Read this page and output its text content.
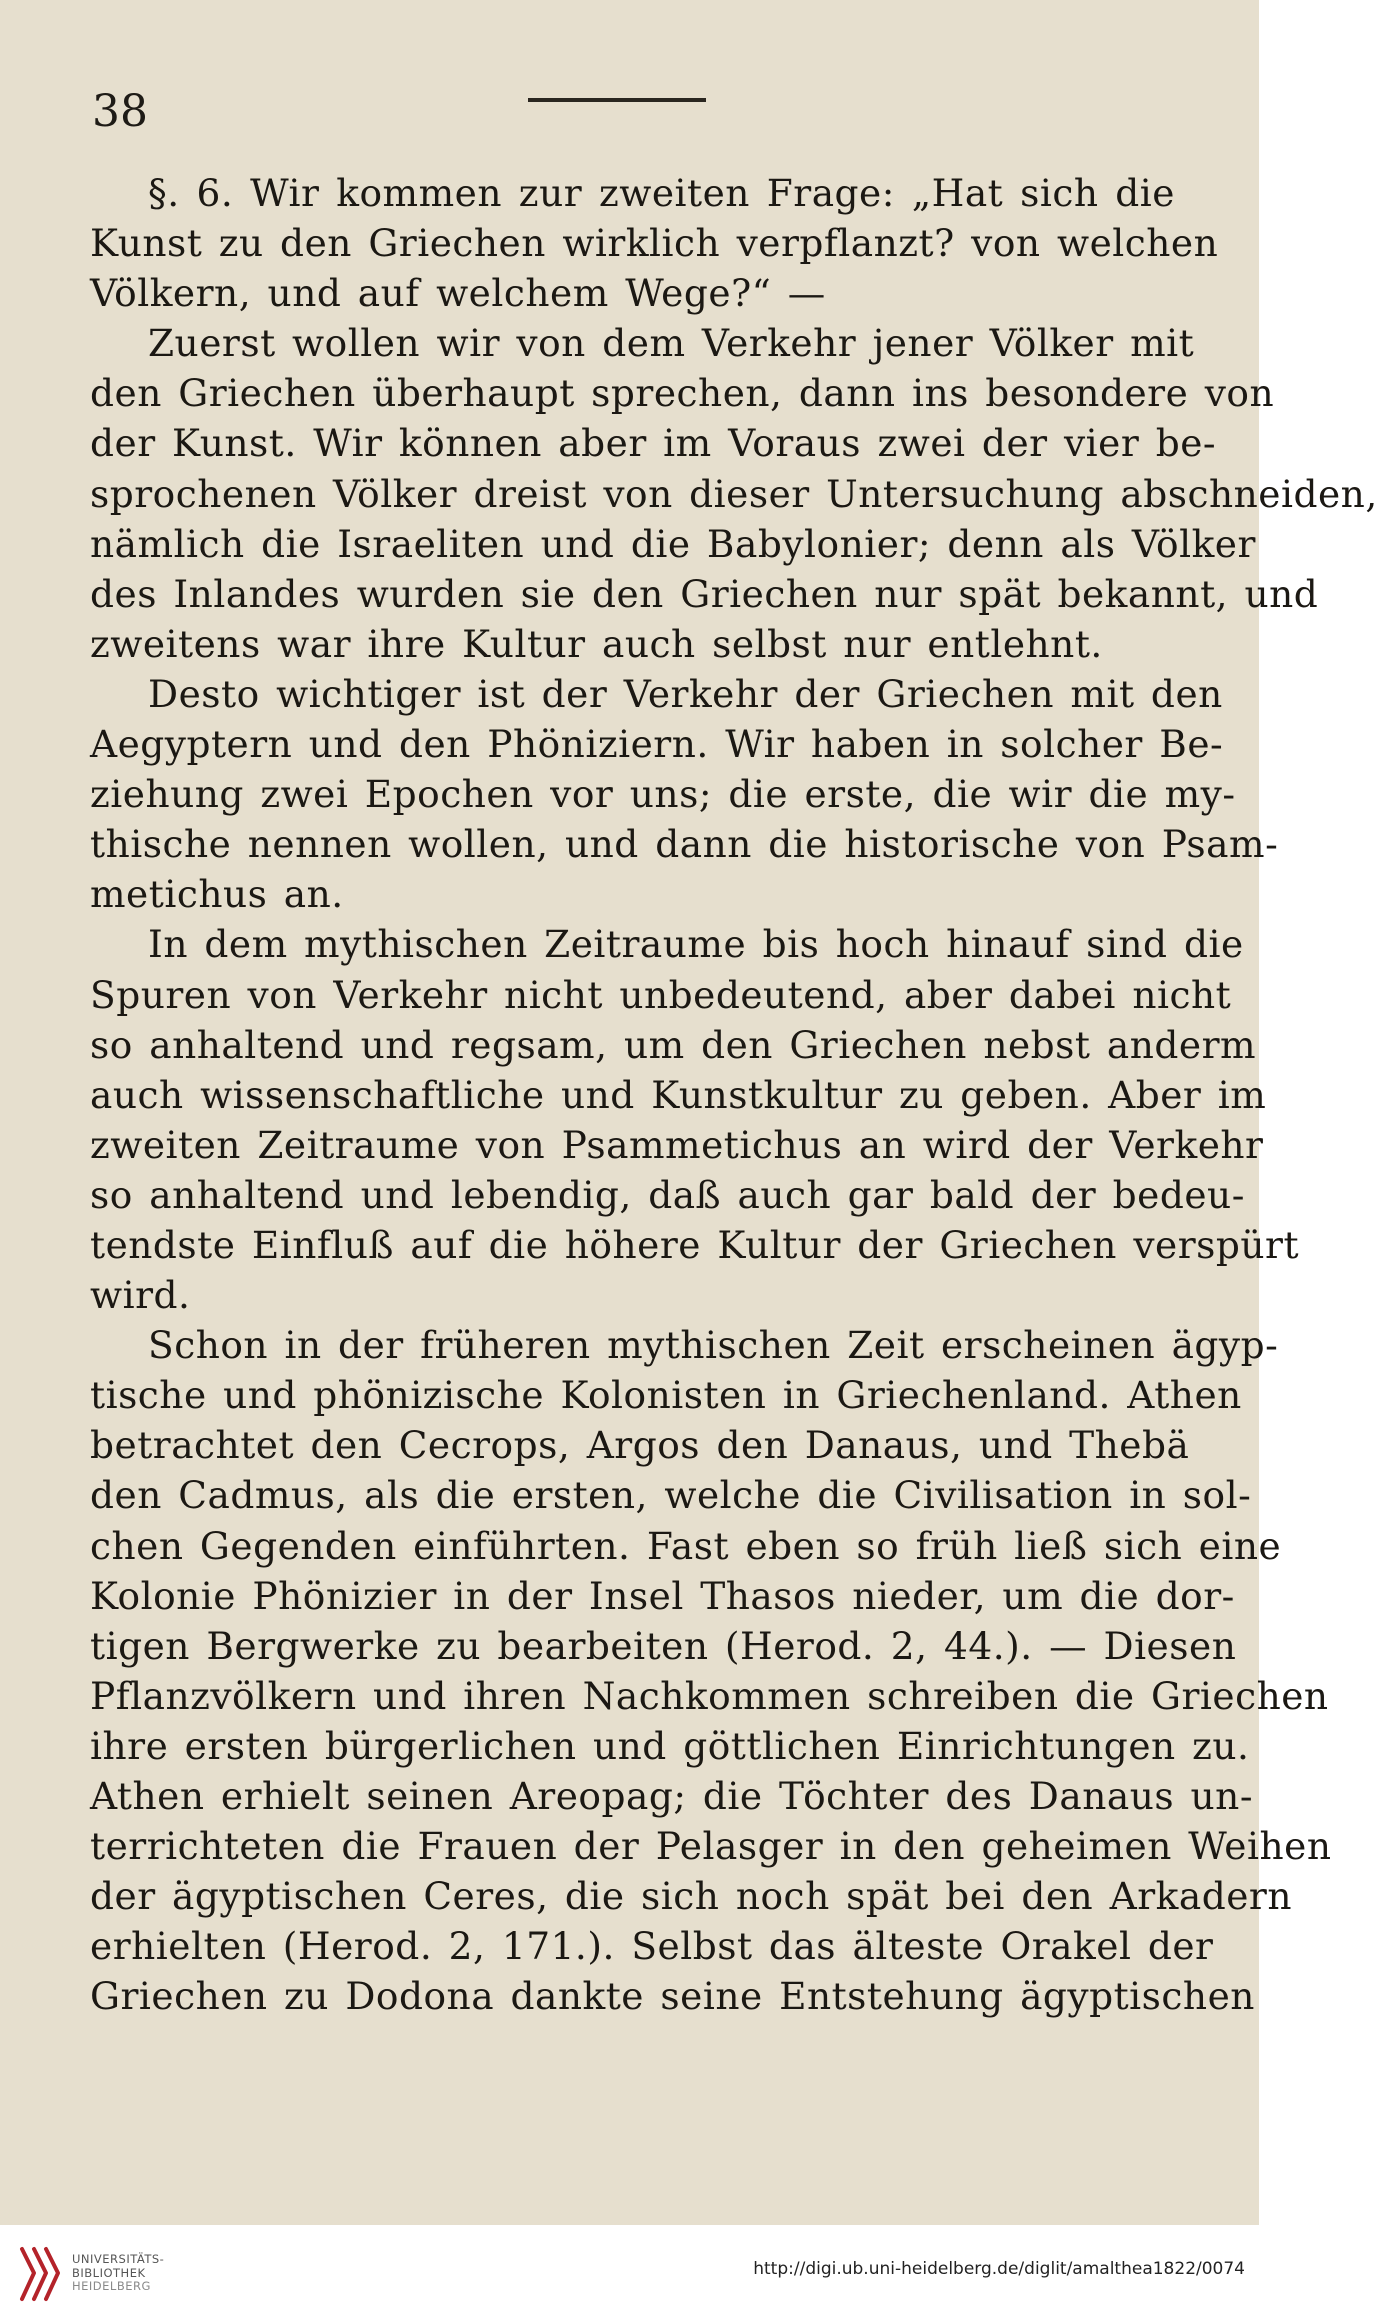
38
§. 6. Wir kommen zur zweiten Frage: „Hat sich die
Kunst zu den Griechen wirklich verpflanzt? von welchen
Völkern, und auf welchem Wege?“ —
Zuerst wollen wir von dem Verkehr jener Völker mit
den Griechen überhaupt sprechen, dann ins besondere von
der Kunst. Wir können aber im Voraus zwei der vier be-
sprochenen Völker dreist von dieser Untersuchung abschneiden,
nämlich die Israeliten und die Babylonier; denn als Völker
des Inlandes wurden sie den Griechen nur spät bekannt, und
zweitens war ihre Kultur auch selbst nur entlehnt.
Desto wichtiger ist der Verkehr der Griechen mit den
Aegyptern und den Phöniziern. Wir haben in solcher Be-
ziehung zwei Epochen vor uns; die erste, die wir die my-
thische nennen wollen, und dann die historische von Psam-
metichus an.
In dem mythischen Zeitraume bis hoch hinauf sind die
Spuren von Verkehr nicht unbedeutend, aber dabei nicht
so anhaltend und regsam, um den Griechen nebst anderm
auch wissenschaftliche und Kunstkultur zu geben. Aber im
zweiten Zeitraume von Psammetichus an wird der Verkehr
so anhaltend und lebendig, daß auch gar bald der bedeu-
tendste Einfluß auf die höhere Kultur der Griechen verspürt
wird.
Schon in der früheren mythischen Zeit erscheinen ägyp-
tische und phönizische Kolonisten in Griechenland. Athen
betrachtet den Cecrops, Argos den Danaus, und Thebä
den Cadmus, als die ersten, welche die Civilisation in sol-
chen Gegenden einführten. Fast eben so früh ließ sich eine
Kolonie Phönizier in der Insel Thasos nieder, um die dor-
tigen Bergwerke zu bearbeiten (Herod. 2, 44.). — Diesen
Pflanzvölkern und ihren Nachkommen schreiben die Griechen
ihre ersten bürgerlichen und göttlichen Einrichtungen zu.
Athen erhielt seinen Areopag; die Töchter des Danaus un-
terrichteten die Frauen der Pelasger in den geheimen Weihen
der ägyptischen Ceres, die sich noch spät bei den Arkadern
erhielten (Herod. 2, 171.). Selbst das älteste Orakel der
Griechen zu Dodona dankte seine Entstehung ägyptischen
UNIVERSITÄTS-
BIBLIOTHEK
HEIDELBERG
http://digi.ub.uni-heidelberg.de/diglit/amalthea1822/0074
